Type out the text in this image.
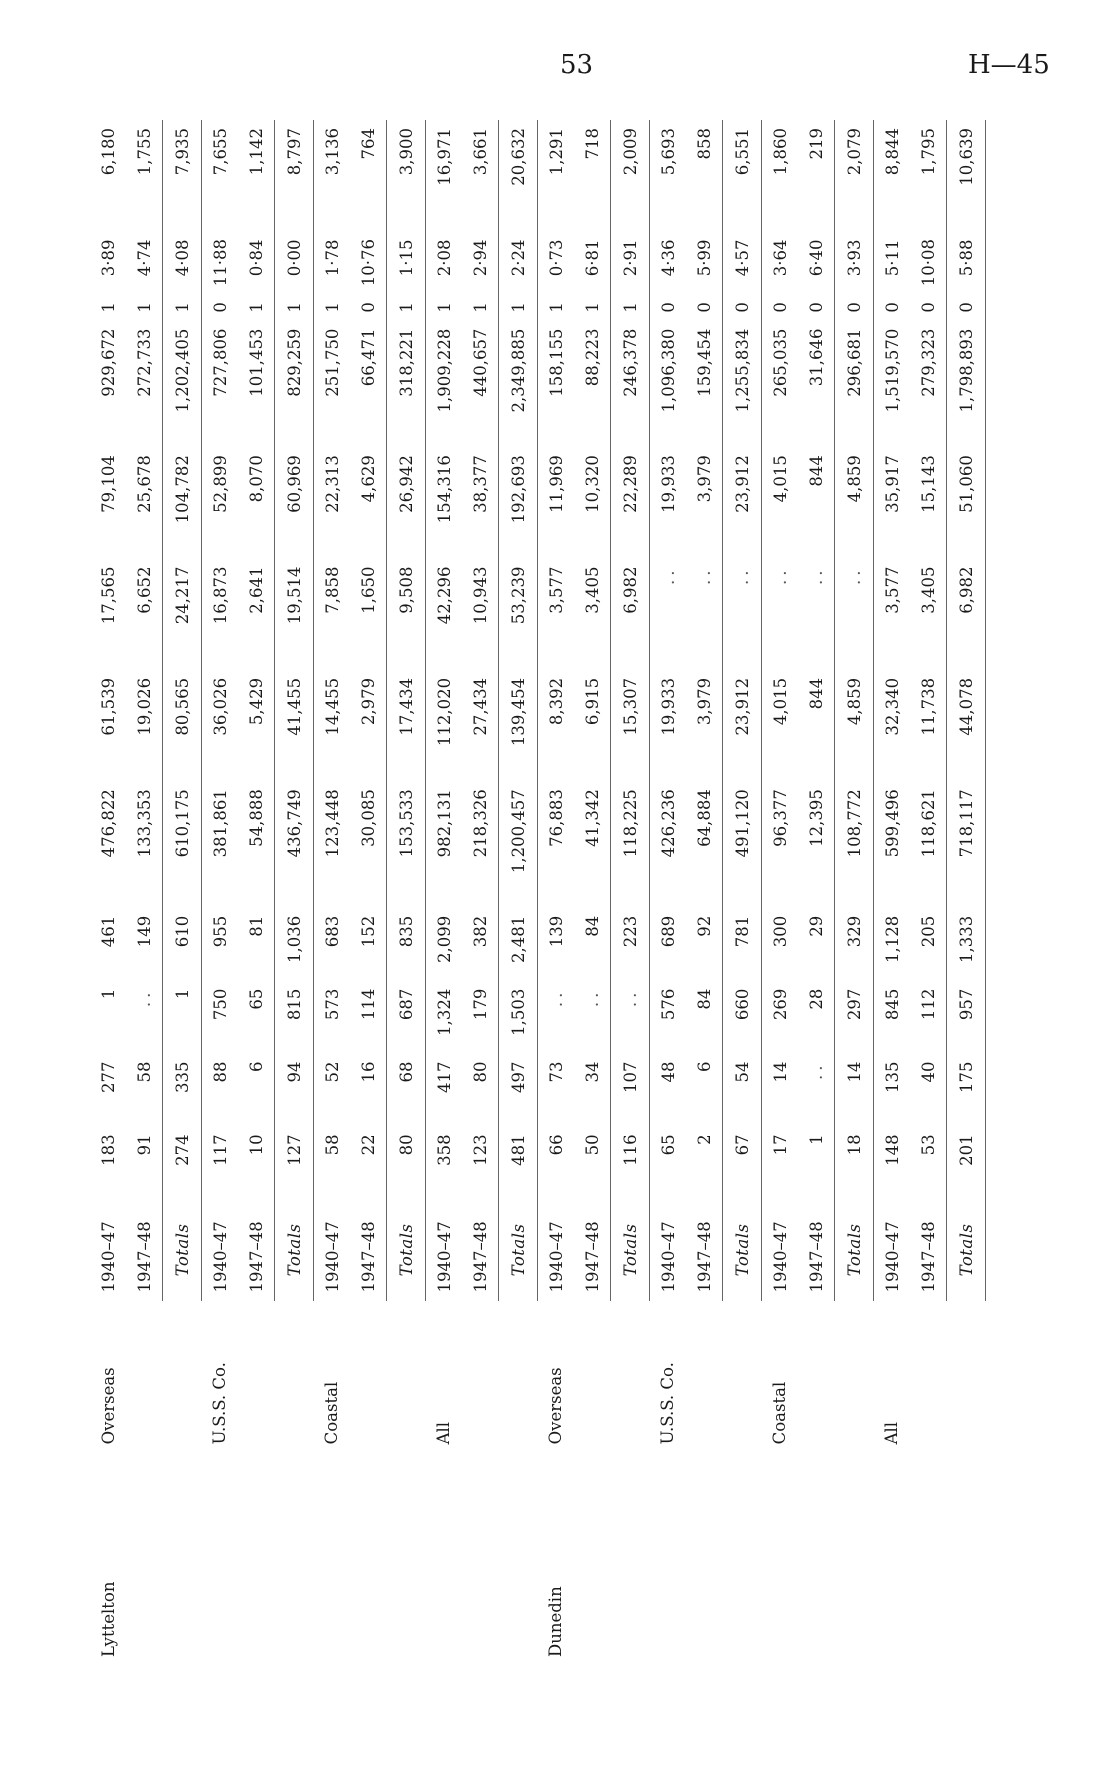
53	H—45
Lyttelton	Overseas	1940–47	183	277	1	461	476,822	61,539	17,565	79,104	929,672	1	3·89	6,180
		1947–48	91	58	..	149	133,353	19,026	6,652	25,678	272,733	1	4·74	1,755
		Totals	274	335	1	610	610,175	80,565	24,217	104,782	1,202,405	1	4·08	7,935
	U.S.S. Co.	1940–47	117	88	750	955	381,861	36,026	16,873	52,899	727,806	0	11·88	7,655
		1947–48	10	6	65	81	54,888	5,429	2,641	8,070	101,453	1	0·84	1,142
		Totals	127	94	815	1,036	436,749	41,455	19,514	60,969	829,259	1	0·00	8,797
	Coastal	1940–47	58	52	573	683	123,448	14,455	7,858	22,313	251,750	1	1·78	3,136
		1947–48	22	16	114	152	30,085	2,979	1,650	4,629	66,471	0	10·76	764
		Totals	80	68	687	835	153,533	17,434	9,508	26,942	318,221	1	1·15	3,900
	All	1940–47	358	417	1,324	2,099	982,131	112,020	42,296	154,316	1,909,228	1	2·08	16,971
		1947–48	123	80	179	382	218,326	27,434	10,943	38,377	440,657	1	2·94	3,661
		Totals	481	497	1,503	2,481	1,200,457	139,454	53,239	192,693	2,349,885	1	2·24	20,632
Dunedin	Overseas	1940–47	66	73	..	139	76,883	8,392	3,577	11,969	158,155	1	0·73	1,291
		1947–48	50	34	..	84	41,342	6,915	3,405	10,320	88,223	1	6·81	718
		Totals	116	107	..	223	118,225	15,307	6,982	22,289	246,378	1	2·91	2,009
	U.S.S. Co.	1940–47	65	48	576	689	426,236	19,933	..	19,933	1,096,380	0	4·36	5,693
		1947–48	2	6	84	92	64,884	3,979	..	3,979	159,454	0	5·99	858
		Totals	67	54	660	781	491,120	23,912	..	23,912	1,255,834	0	4·57	6,551
	Coastal	1940–47	17	14	269	300	96,377	4,015	..	4,015	265,035	0	3·64	1,860
		1947–48	1	..	28	29	12,395	844	..	844	31,646	0	6·40	219
		Totals	18	14	297	329	108,772	4,859	..	4,859	296,681	0	3·93	2,079
	All	1940–47	148	135	845	1,128	599,496	32,340	3,577	35,917	1,519,570	0	5·11	8,844
		1947–48	53	40	112	205	118,621	11,738	3,405	15,143	279,323	0	10·08	1,795
		Totals	201	175	957	1,333	718,117	44,078	6,982	51,060	1,798,893	0	5·88	10,639
